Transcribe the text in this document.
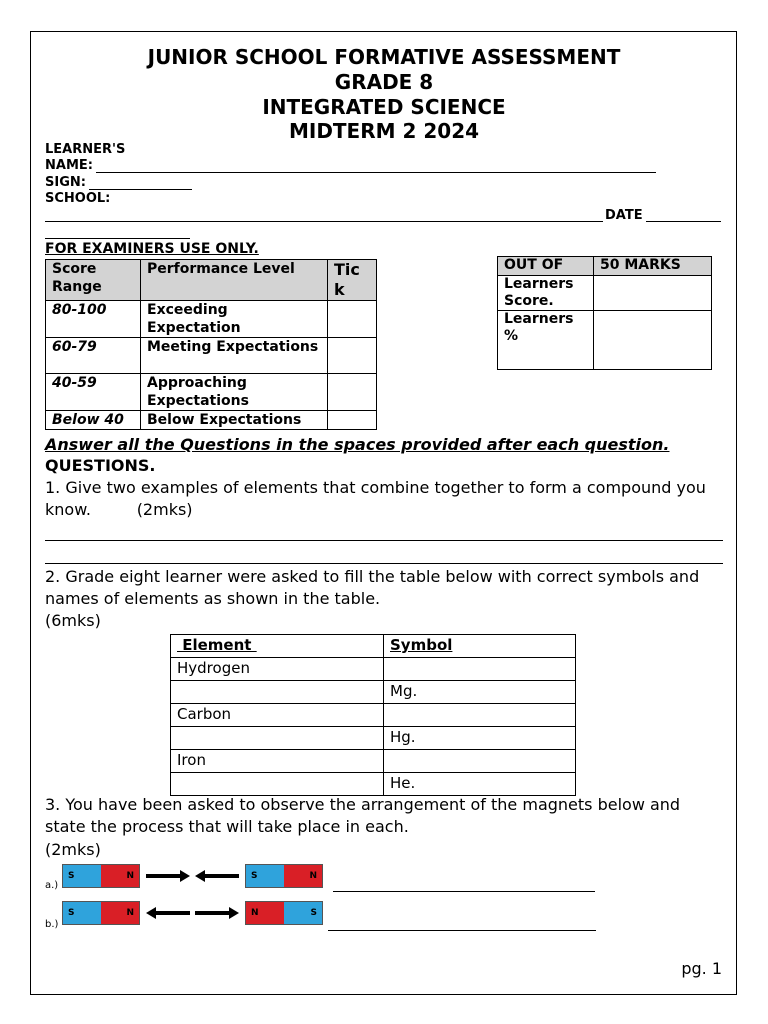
JUNIOR SCHOOL FORMATIVE ASSESSMENT
GRADE 8
INTEGRATED SCIENCE
MIDTERM 2 2024
LEARNER'S
NAME:
SIGN:
SCHOOL:
DATE
FOR EXAMINERS USE ONLY.
Score Range	Performance Level	Tick
80-100	Exceeding Expectation	
60-79	Meeting Expectations	
40-59	Approaching Expectations	
Below 40	Below Expectations	
OUT OF	50 MARKS
Learners Score.	
Learners %	
Answer all the Questions in the spaces provided after each question.
QUESTIONS.
1. Give two examples of elements that combine together to form a compound you know.	(2mks)
2. Grade eight learner were asked to fill the table below with correct symbols and names of elements as shown in the table.
(6mks)
Element	Symbol
Hydrogen	
	Mg.
Carbon	
	Hg.
Iron	
	He.
3. You have been asked to observe the arrangement of the magnets below and state the process that will take place in each.
(2mks)
a.)
S	N	S	N
b.)
S	N	N	S
pg. 1
